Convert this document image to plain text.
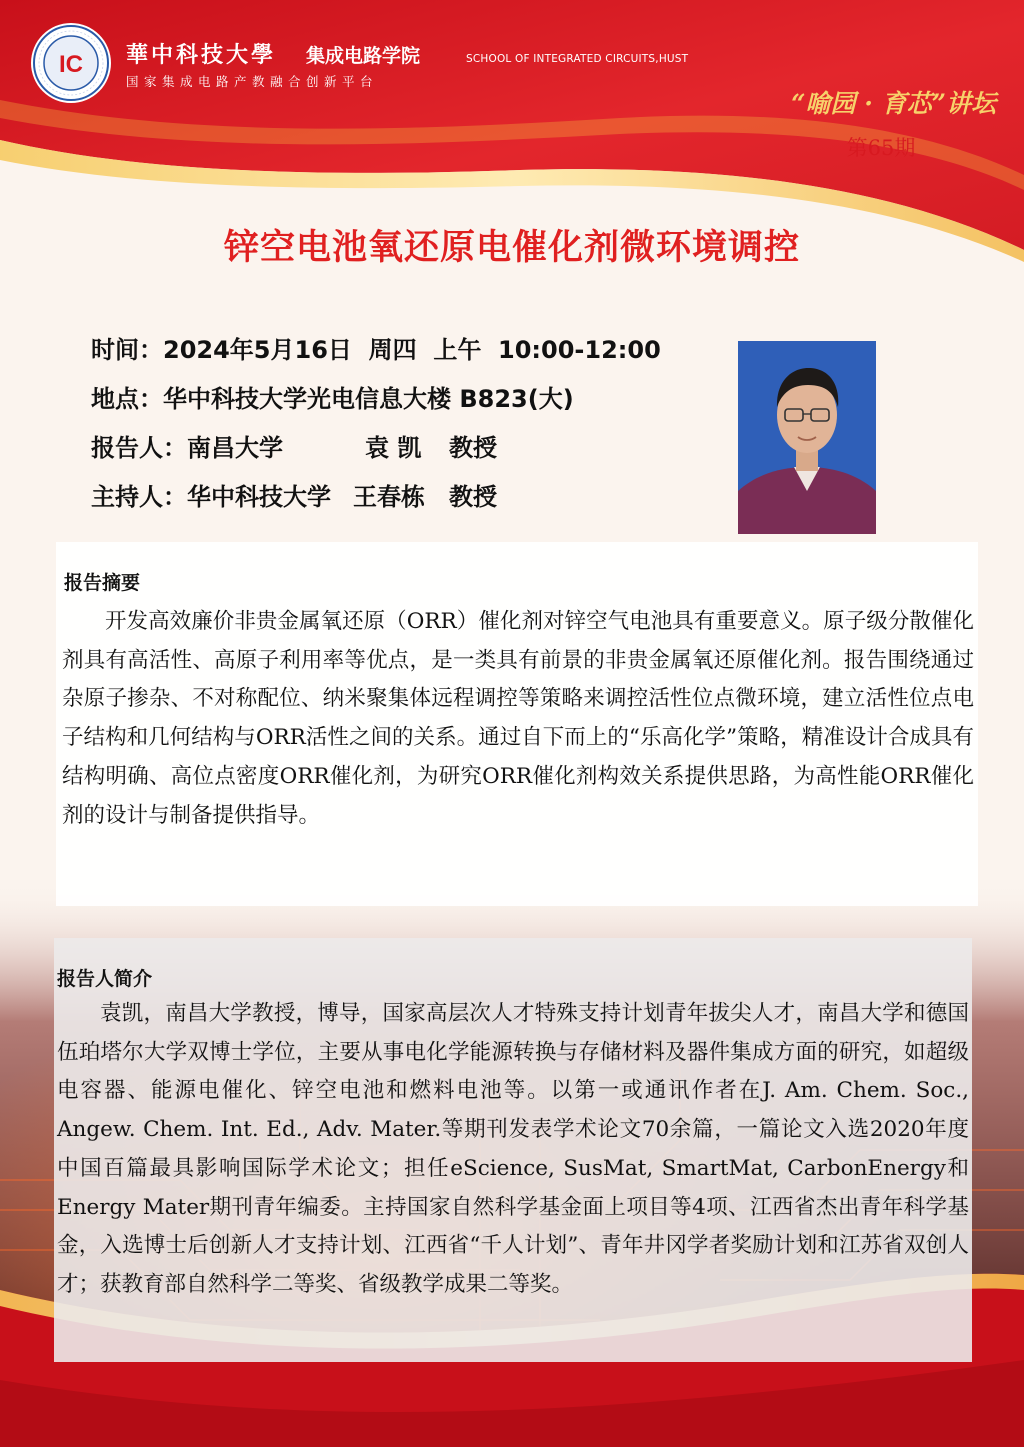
IC 華中科技大學 集成电路学院	SCHOOL OF INTEGRATED CIRCUITS,HUST
国家集成电路产教融合创新平台
“喻园 · 育芯”讲坛
第65期
锌空电池氧还原电催化剂微环境调控
时间：2024年5月16日  周四  上午  10:00-12:00
地点：华中科技大学光电信息大楼 B823(大)
报告人：南昌大学	袁 凯 教授
主持人：华中科技大学 王春栋 教授
报告摘要
开发高效廉价非贵金属氧还原（ORR）催化剂对锌空气电池具有重要意义。原子级分散催化剂具有高活性、高原子利用率等优点，是一类具有前景的非贵金属氧还原催化剂。报告围绕通过杂原子掺杂、不对称配位、纳米聚集体远程调控等策略来调控活性位点微环境，建立活性位点电子结构和几何结构与ORR活性之间的关系。通过自下而上的“乐高化学”策略，精准设计合成具有结构明确、高位点密度ORR催化剂，为研究ORR催化剂构效关系提供思路，为高性能ORR催化剂的设计与制备提供指导。
报告人简介
袁凯，南昌大学教授，博导，国家高层次人才特殊支持计划青年拔尖人才，南昌大学和德国伍珀塔尔大学双博士学位，主要从事电化学能源转换与存储材料及器件集成方面的研究，如超级电容器、能源电催化、锌空电池和燃料电池等。以第一或通讯作者在J. Am. Chem. Soc., Angew. Chem. Int. Ed., Adv. Mater.等期刊发表学术论文70余篇，一篇论文入选2020年度中国百篇最具影响国际学术论文；担任eScience, SusMat, SmartMat, CarbonEnergy和Energy Mater期刊青年编委。主持国家自然科学基金面上项目等4项、江西省杰出青年科学基金，入选博士后创新人才支持计划、江西省“千人计划”、青年井冈学者奖励计划和江苏省双创人才；获教育部自然科学二等奖、省级教学成果二等奖。
